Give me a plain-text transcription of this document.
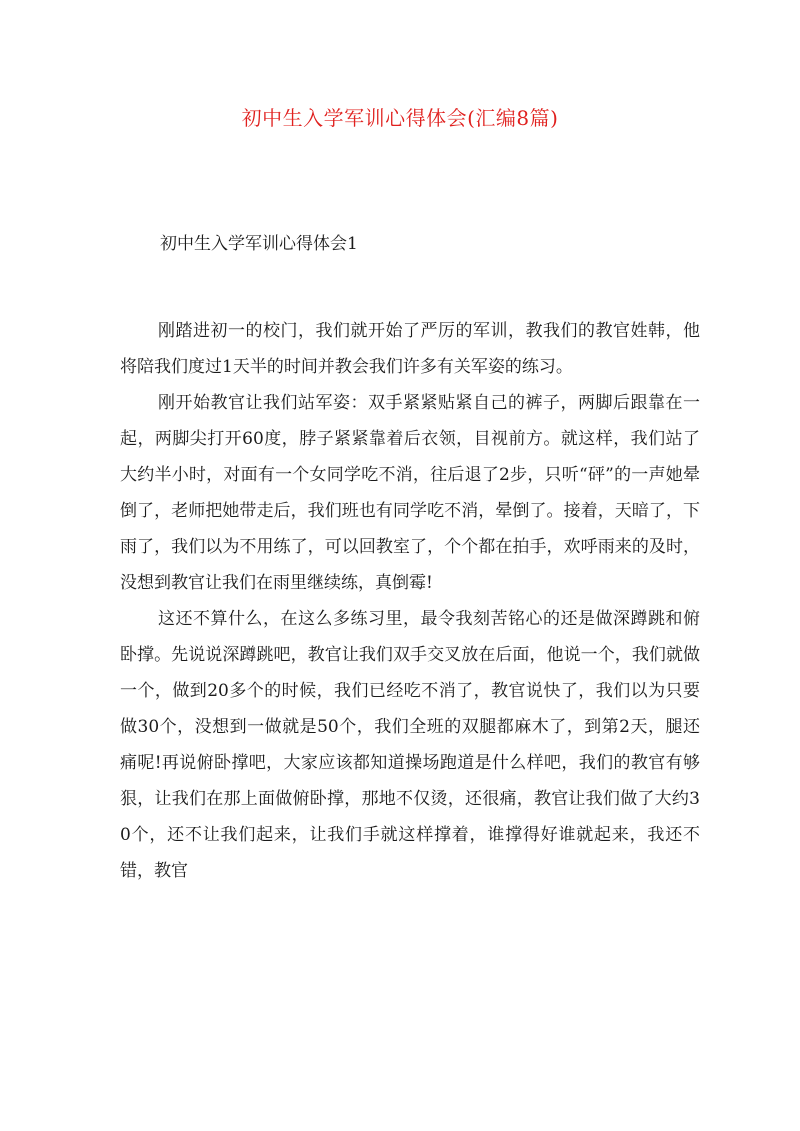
初中生入学军训心得体会(汇编8篇)
初中生入学军训心得体会1

刚踏进初一的校门，我们就开始了严厉的军训，教我们的教官姓韩，他将陪我们度过1天半的时间并教会我们许多有关军姿的练习。

刚开始教官让我们站军姿：双手紧紧贴紧自己的裤子，两脚后跟靠在一起，两脚尖打开60度，脖子紧紧靠着后衣领，目视前方。就这样，我们站了大约半小时，对面有一个女同学吃不消，往后退了2步，只听“砰”的一声她晕倒了，老师把她带走后，我们班也有同学吃不消，晕倒了。接着，天暗了，下雨了，我们以为不用练了，可以回教室了，个个都在拍手，欢呼雨来的及时，没想到教官让我们在雨里继续练，真倒霉!

这还不算什么，在这么多练习里，最令我刻苦铭心的还是做深蹲跳和俯卧撑。先说说深蹲跳吧，教官让我们双手交叉放在后面，他说一个，我们就做一个，做到20多个的时候，我们已经吃不消了，教官说快了，我们以为只要做30个，没想到一做就是50个，我们全班的双腿都麻木了，到第2天，腿还痛呢!再说俯卧撑吧，大家应该都知道操场跑道是什么样吧，我们的教官有够狠，让我们在那上面做俯卧撑，那地不仅烫，还很痛，教官让我们做了大约30个，还不让我们起来，让我们手就这样撑着，谁撑得好谁就起来，我还不错，教官
